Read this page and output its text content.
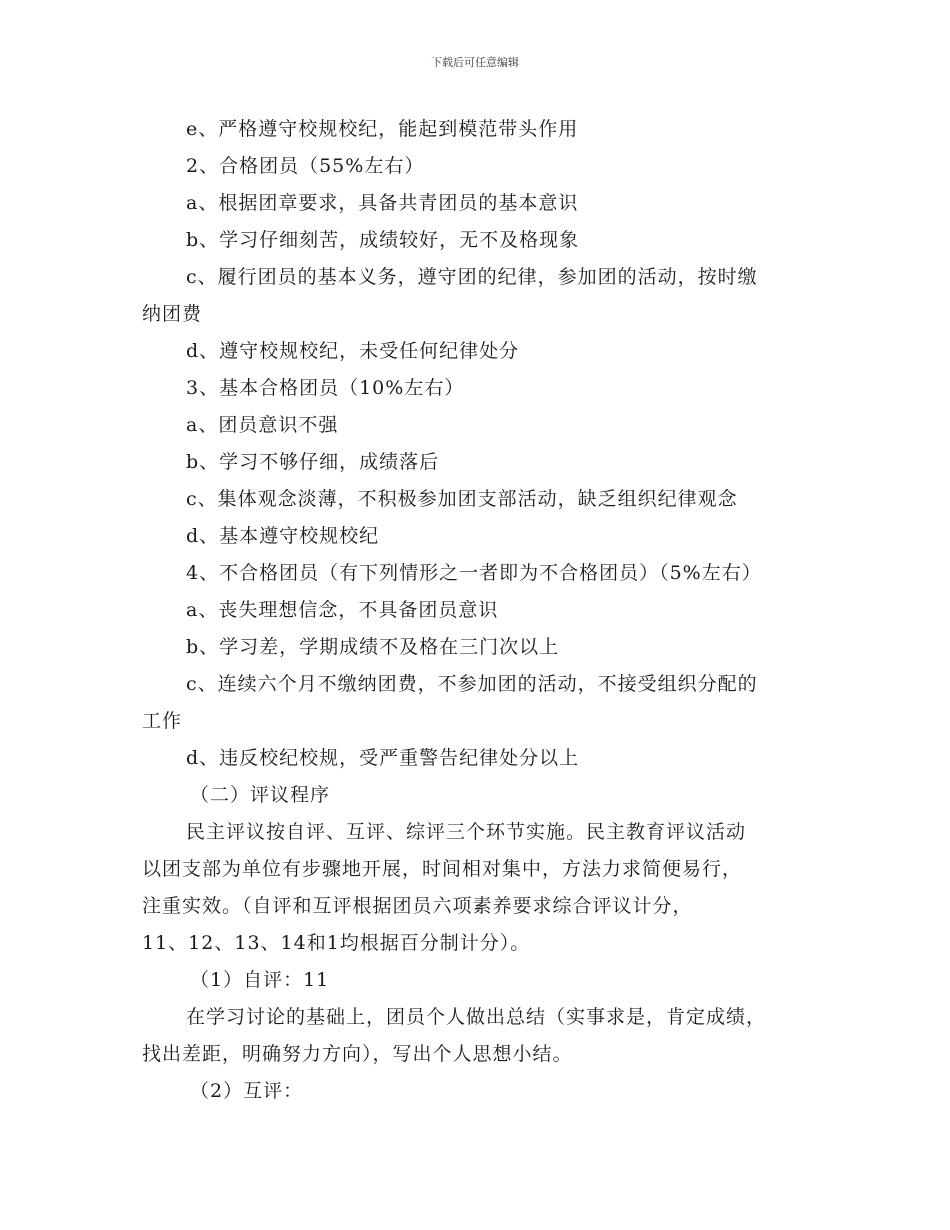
下载后可任意编辑
e、严格遵守校规校纪，能起到模范带头作用
2、合格团员（55%左右）
a、根据团章要求，具备共青团员的基本意识
b、学习仔细刻苦，成绩较好，无不及格现象
c、履行团员的基本义务，遵守团的纪律，参加团的活动，按时缴
纳团费
d、遵守校规校纪，未受任何纪律处分
3、基本合格团员（10%左右）
a、团员意识不强
b、学习不够仔细，成绩落后
c、集体观念淡薄，不积极参加团支部活动，缺乏组织纪律观念
d、基本遵守校规校纪
4、不合格团员（有下列情形之一者即为不合格团员）（5%左右）
a、丧失理想信念，不具备团员意识
b、学习差，学期成绩不及格在三门次以上
c、连续六个月不缴纳团费，不参加团的活动，不接受组织分配的
工作
d、违反校纪校规，受严重警告纪律处分以上
（二）评议程序
民主评议按自评、互评、综评三个环节实施。民主教育评议活动
以团支部为单位有步骤地开展，时间相对集中，方法力求简便易行，
注重实效。（自评和互评根据团员六项素养要求综合评议计分，
11、12、13、14和1均根据百分制计分）。
（1）自评：11
在学习讨论的基础上，团员个人做出总结（实事求是，肯定成绩，
找出差距，明确努力方向），写出个人思想小结。
（2）互评：
